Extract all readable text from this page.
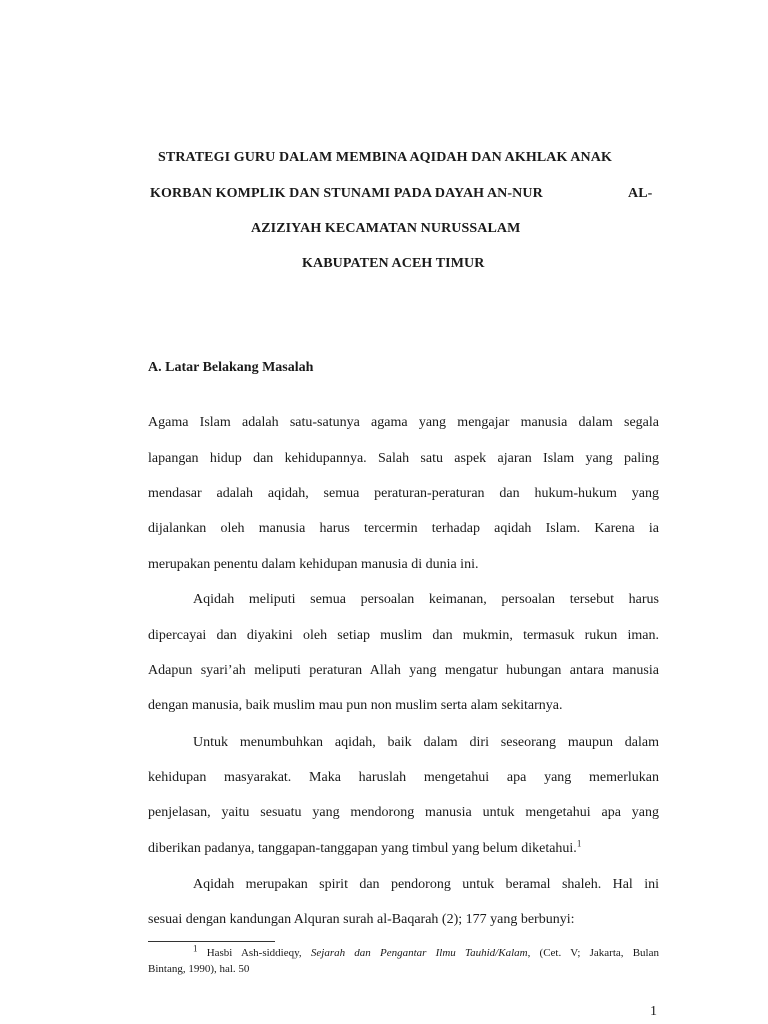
STRATEGI GURU DALAM MEMBINA AQIDAH DAN AKHLAK ANAK
KORBAN KOMPLIK DAN STUNAMI PADA DAYAH AN-NUR	AL-
AZIZIYAH KECAMATAN NURUSSALAM
KABUPATEN ACEH TIMUR
A. Latar Belakang Masalah
Agama Islam adalah satu-satunya agama yang mengajar manusia dalam segala
lapangan hidup dan kehidupannya. Salah satu aspek ajaran Islam yang paling
mendasar adalah aqidah, semua peraturan-peraturan dan hukum-hukum yang
dijalankan oleh manusia harus tercermin terhadap aqidah Islam. Karena ia
merupakan penentu dalam kehidupan manusia di dunia ini.
Aqidah meliputi semua persoalan keimanan, persoalan tersebut harus
dipercayai dan diyakini oleh setiap muslim dan mukmin, termasuk rukun iman.
Adapun syari’ah meliputi peraturan Allah yang mengatur hubungan antara manusia
dengan manusia, baik muslim mau pun non muslim serta alam sekitarnya.
Untuk menumbuhkan aqidah, baik dalam diri seseorang maupun dalam
kehidupan masyarakat. Maka haruslah mengetahui apa yang memerlukan
penjelasan, yaitu sesuatu yang mendorong manusia untuk mengetahui apa yang
diberikan padanya, tanggapan-tanggapan yang timbul yang belum diketahui.$^1$
Aqidah merupakan spirit dan pendorong untuk beramal shaleh. Hal ini
sesuai dengan kandungan Alquran surah al-Baqarah (2); 177 yang berbunyi:
$^1$ Hasbi Ash-siddieqy, Sejarah dan Pengantar Ilmu Tauhid/Kalam, (Cet. V; Jakarta, Bulan
Bintang, 1990), hal. 50
1
